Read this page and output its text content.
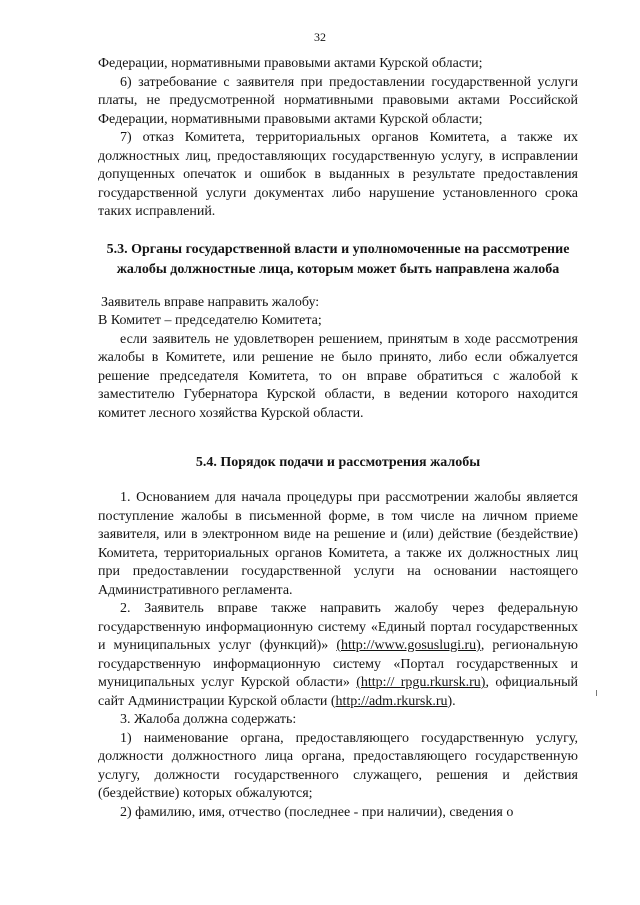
32

Федерации, нормативными правовыми актами Курской области;

6) затребование с заявителя при предоставлении государственной услуги платы, не предусмотренной нормативными правовыми актами Российской Федерации, нормативными правовыми актами Курской области;

7) отказ Комитета, территориальных органов Комитета, а также их должностных лиц, предоставляющих государственную услугу, в исправлении допущенных опечаток и ошибок в выданных в результате предоставления государственной услуги документах либо нарушение установленного срока таких исправлений.

5.3. Органы государственной власти и уполномоченные на рассмотрение жалобы должностные лица, которым может быть направлена жалоба

Заявитель вправе направить жалобу:

В Комитет – председателю Комитета;

если заявитель не удовлетворен решением, принятым в ходе рассмотрения жалобы в Комитете, или решение не было принято, либо если обжалуется решение председателя Комитета, то он вправе обратиться с жалобой к заместителю Губернатора Курской области, в ведении которого находится комитет лесного хозяйства Курской области.

5.4. Порядок подачи и рассмотрения жалобы

1. Основанием для начала процедуры при рассмотрении жалобы является поступление жалобы в письменной форме, в том числе на личном приеме заявителя, или в электронном виде на решение и (или) действие (бездействие) Комитета, территориальных органов Комитета, а также их должностных лиц при предоставлении государственной услуги на основании настоящего Административного регламента.

2. Заявитель вправе также направить жалобу через федеральную государственную информационную систему «Единый портал государственных и муниципальных услуг (функций)» (http://www.gosuslugi.ru), региональную государственную информационную систему «Портал государственных и муниципальных услуг Курской области» (http:// rpgu.rkursk.ru), официальный сайт Администрации Курской области (http://adm.rkursk.ru).

3. Жалоба должна содержать:

1) наименование органа, предоставляющего государственную услугу, должности должностного лица органа, предоставляющего государственную услугу, должности государственного служащего, решения и действия (бездействие) которых обжалуются;

2) фамилию, имя, отчество (последнее - при наличии), сведения о
